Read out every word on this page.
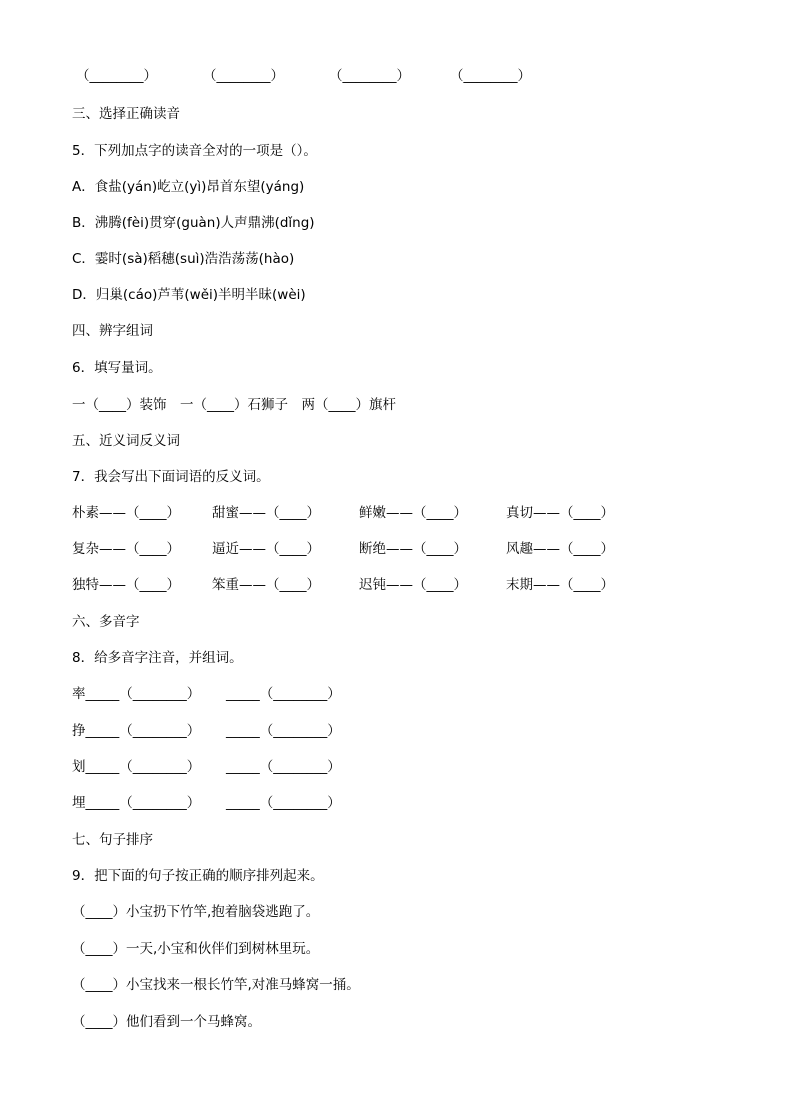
（________）	（________）	（________）	（________）
三、选择正确读音
5．下列加点字的读音全对的一项是（）。
A．食盐(yán)屹立(yì)昂首东望(yáng)
B．沸腾(fèi)贯穿(guàn)人声鼎沸(dǐng)
C．霎时(sà)稻穗(suì)浩浩荡荡(hào)
D．归巢(cáo)芦苇(wěi)半明半昧(wèi)
四、辨字组词
6．填写量词。
一（____）装饰　一（____）石狮子　两（____）旗杆
五、近义词反义词
7．我会写出下面词语的反义词。
朴素——（____） 甜蜜——（____）	鲜嫩——（____）	真切——（____）
复杂——（____） 逼近——（____）	断绝——（____）	风趣——（____）
独特——（____） 笨重——（____）	迟钝——（____）	末期——（____）
六、多音字
8．给多音字注音，并组词。
率_____（________） _____（________）
挣_____（________） _____（________）
划_____（________） _____（________）
埋_____（________） _____（________）
七、句子排序
9．把下面的句子按正确的顺序排列起来。
（____）小宝扔下竹竿,抱着脑袋逃跑了。
（____）一天,小宝和伙伴们到树林里玩。
（____）小宝找来一根长竹竿,对准马蜂窝一捅。
（____）他们看到一个马蜂窝。
